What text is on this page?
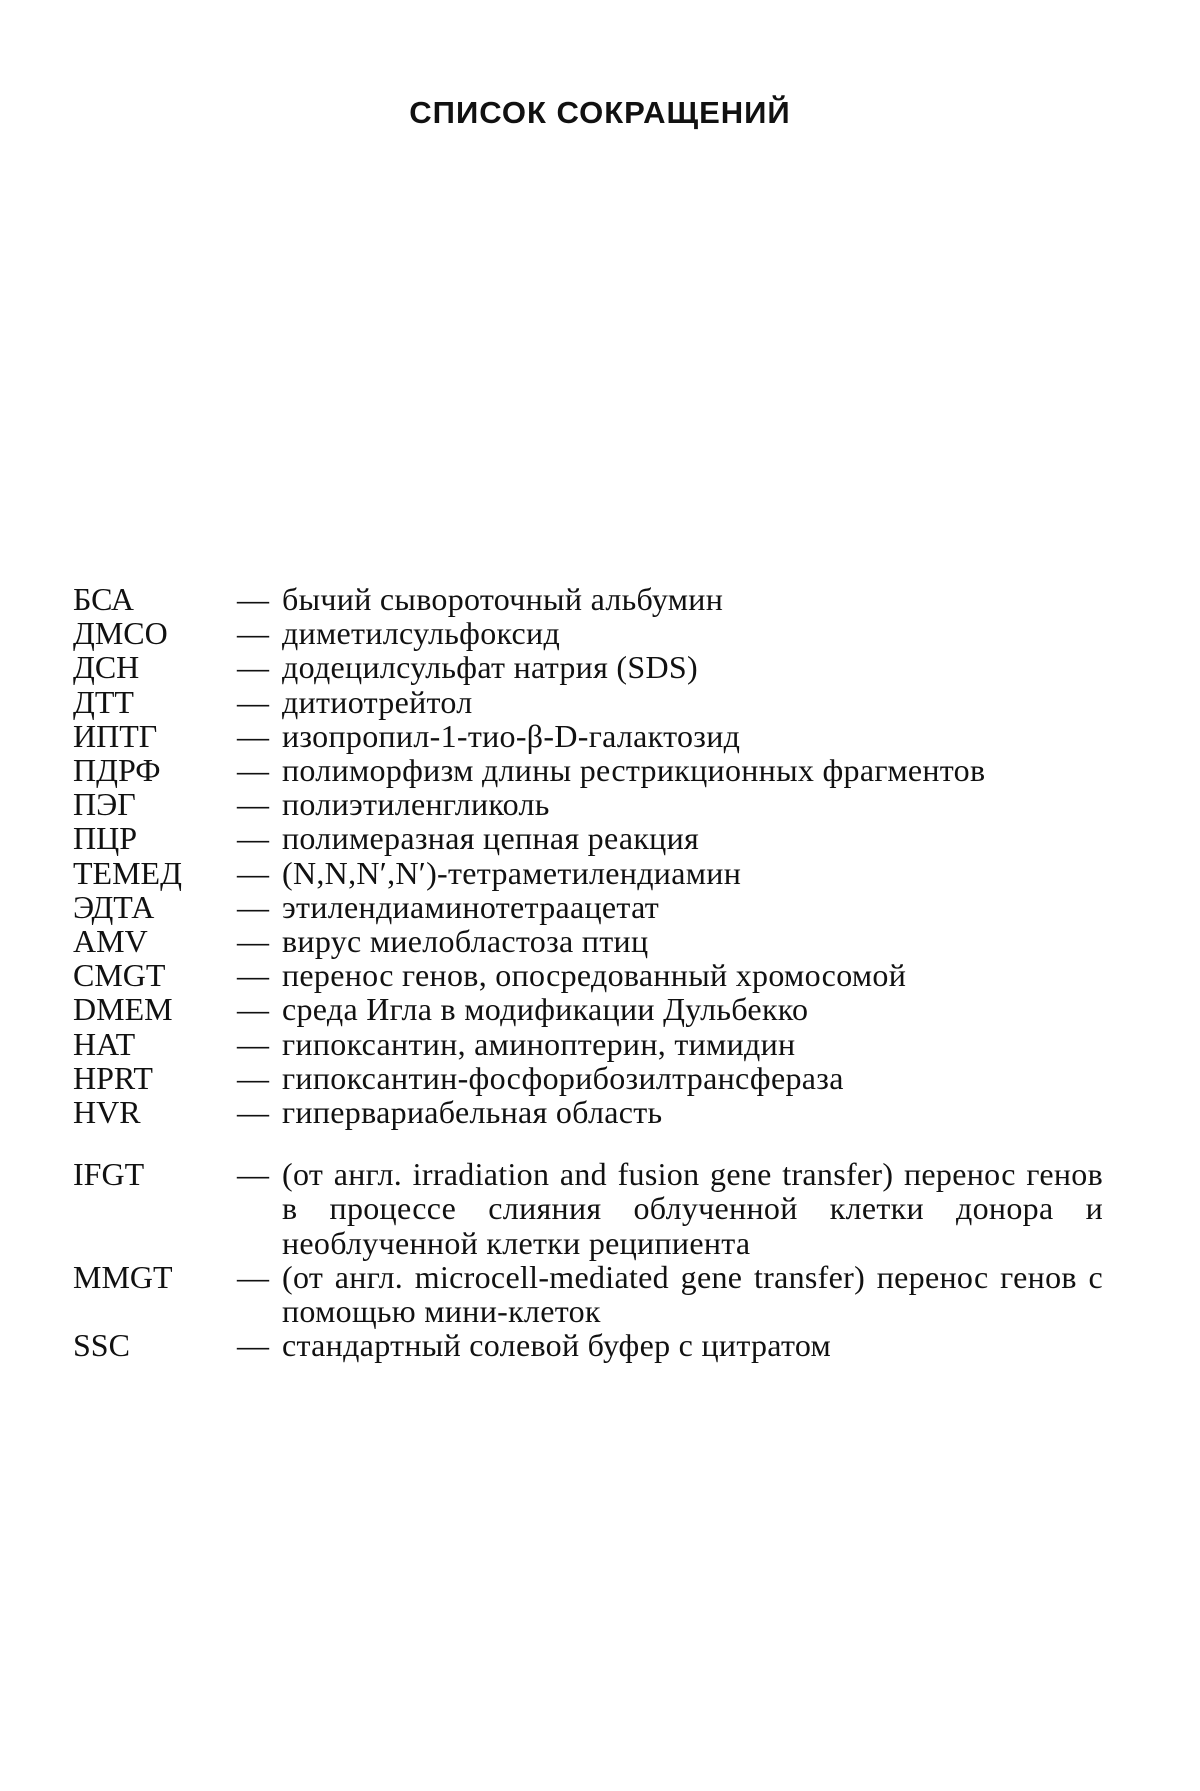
СПИСОК СОКРАЩЕНИЙ
БСА	— бычий сывороточный альбумин
ДМСО	— диметилсульфоксид
ДСН	— додецилсульфат натрия (SDS)
ДТТ	— дитиотрейтол
ИПТГ	— изопропил-1-тио-β-D-галактозид
ПДРФ	— полиморфизм длины рестрикционных фрагментов
ПЭГ	— полиэтиленгликоль
ПЦР	— полимеразная цепная реакция
ТЕМЕД	— (N,N,N′,N′)-тетраметилендиамин
ЭДТА	— этилендиаминотетраацетат
AMV	— вирус миелобластоза птиц
CMGT	— перенос генов, опосредованный хромосомой
DMEM	— среда Игла в модификации Дульбекко
HAT	— гипоксантин, аминоптерин, тимидин
HPRT	— гипоксантин-фосфорибозилтрансфераза
HVR	— гипервариабельная область
IFGT	— (от англ. irradiation and fusion gene transfer) перенос генов в процессе слияния облученной клетки донора и необлученной клетки реципиента
MMGT	— (от англ. microcell-mediated gene transfer) перенос генов с помощью мини-клеток
SSC	— стандартный солевой буфер с цитратом
